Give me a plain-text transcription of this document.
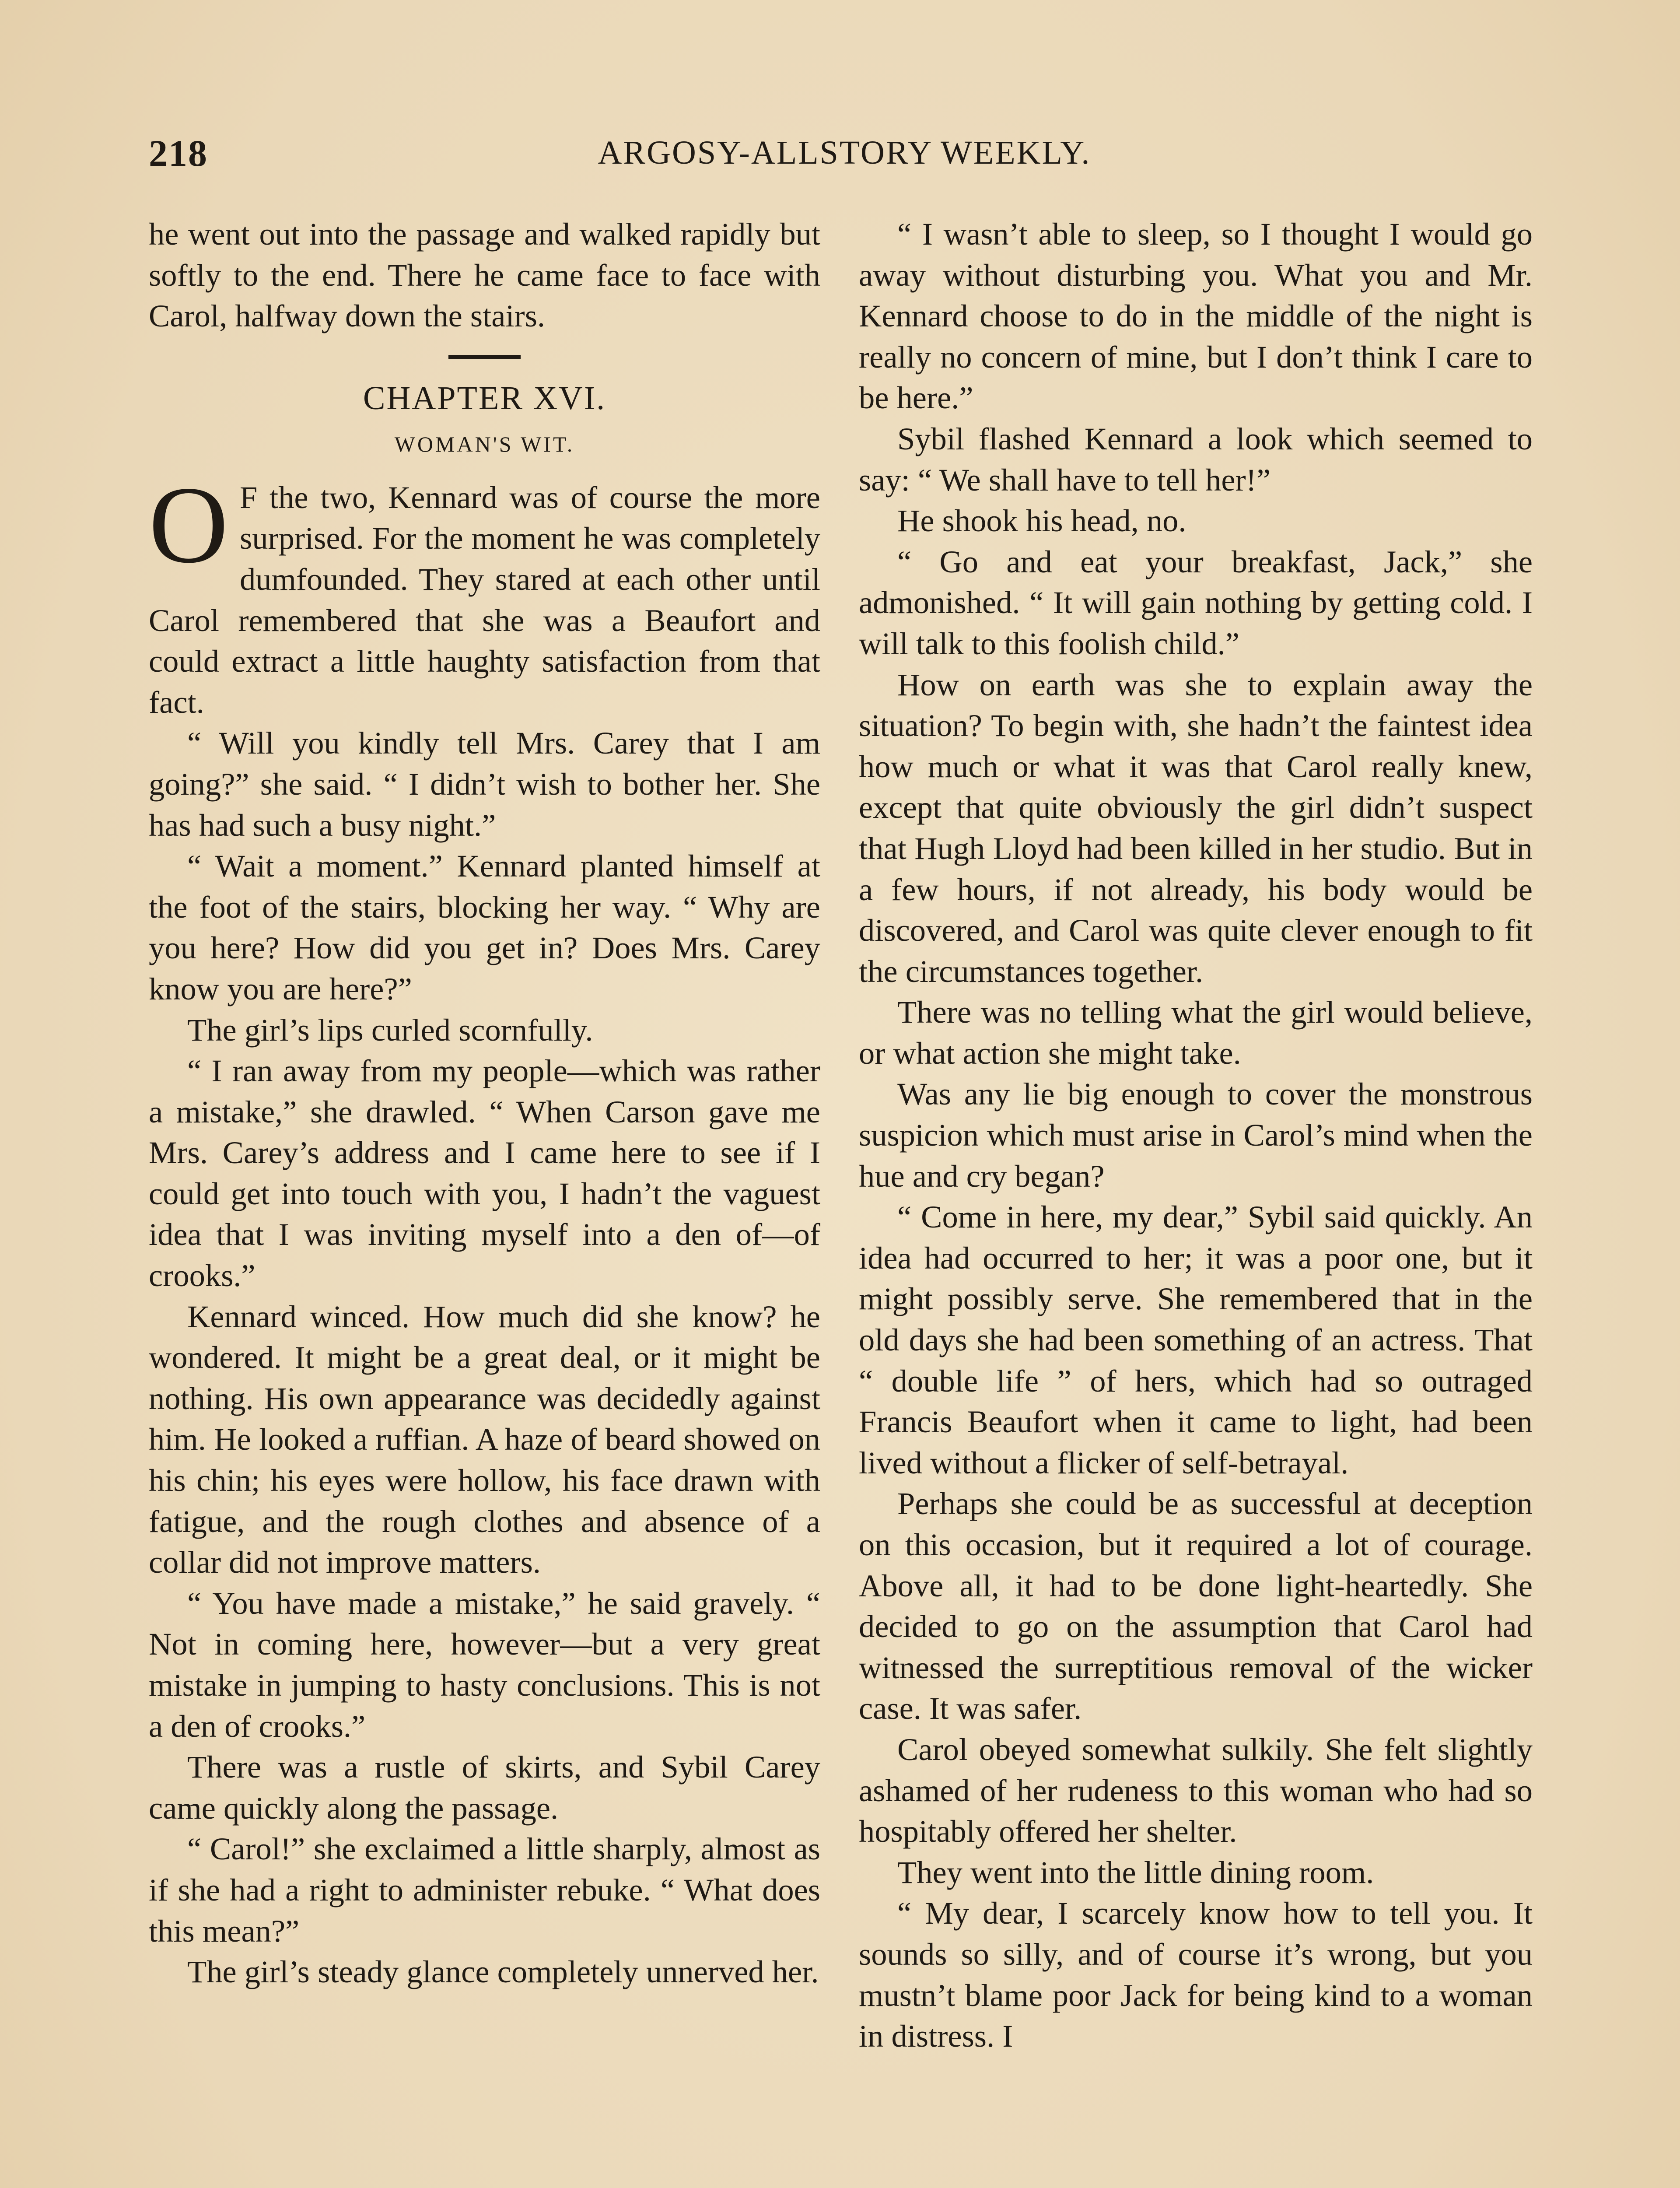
218	ARGOSY-ALLSTORY WEEKLY.

he went out into the passage and walked rapidly but softly to the end. There he came face to face with Carol, halfway down the stairs.

CHAPTER XVI.
WOMAN'S WIT.

O F the two, Kennard was of course the more surprised. For the moment he was completely dumfounded. They stared at each other until Carol remembered that she was a Beaufort and could extract a little haughty satisfaction from that fact.

“ Will you kindly tell Mrs. Carey that I am going?” she said. “ I didn’t wish to bother her. She has had such a busy night.”

“ Wait a moment.” Kennard planted himself at the foot of the stairs, blocking her way. “ Why are you here? How did you get in? Does Mrs. Carey know you are here?”

The girl’s lips curled scornfully.

“ I ran away from my people—which was rather a mistake,” she drawled. “ When Carson gave me Mrs. Carey’s address and I came here to see if I could get into touch with you, I hadn’t the vaguest idea that I was inviting myself into a den of—of crooks.”

Kennard winced. How much did she know? he wondered. It might be a great deal, or it might be nothing. His own appearance was decidedly against him. He looked a ruffian. A haze of beard showed on his chin; his eyes were hollow, his face drawn with fatigue, and the rough clothes and absence of a collar did not improve matters.

“ You have made a mistake,” he said gravely. “ Not in coming here, however—but a very great mistake in jumping to hasty conclusions. This is not a den of crooks.”

There was a rustle of skirts, and Sybil Carey came quickly along the passage.

“ Carol!” she exclaimed a little sharply, almost as if she had a right to administer rebuke. “ What does this mean?”

The girl’s steady glance completely unnerved her.

“ I wasn’t able to sleep, so I thought I would go away without disturbing you. What you and Mr. Kennard choose to do in the middle of the night is really no concern of mine, but I don’t think I care to be here.”

Sybil flashed Kennard a look which seemed to say: “ We shall have to tell her!”

He shook his head, no.

“ Go and eat your breakfast, Jack,” she admonished. “ It will gain nothing by getting cold. I will talk to this foolish child.”

How on earth was she to explain away the situation? To begin with, she hadn’t the faintest idea how much or what it was that Carol really knew, except that quite obviously the girl didn’t suspect that Hugh Lloyd had been killed in her studio. But in a few hours, if not already, his body would be discovered, and Carol was quite clever enough to fit the circumstances together.

There was no telling what the girl would believe, or what action she might take.

Was any lie big enough to cover the monstrous suspicion which must arise in Carol’s mind when the hue and cry began?

“ Come in here, my dear,” Sybil said quickly. An idea had occurred to her; it was a poor one, but it might possibly serve. She remembered that in the old days she had been something of an actress. That “ double life ” of hers, which had so outraged Francis Beaufort when it came to light, had been lived without a flicker of self-betrayal.

Perhaps she could be as successful at deception on this occasion, but it required a lot of courage. Above all, it had to be done light-heartedly. She decided to go on the assumption that Carol had witnessed the surreptitious removal of the wicker case. It was safer.

Carol obeyed somewhat sulkily. She felt slightly ashamed of her rudeness to this woman who had so hospitably offered her shelter.

They went into the little dining room.

“ My dear, I scarcely know how to tell you. It sounds so silly, and of course it’s wrong, but you mustn’t blame poor Jack for being kind to a woman in distress. I
